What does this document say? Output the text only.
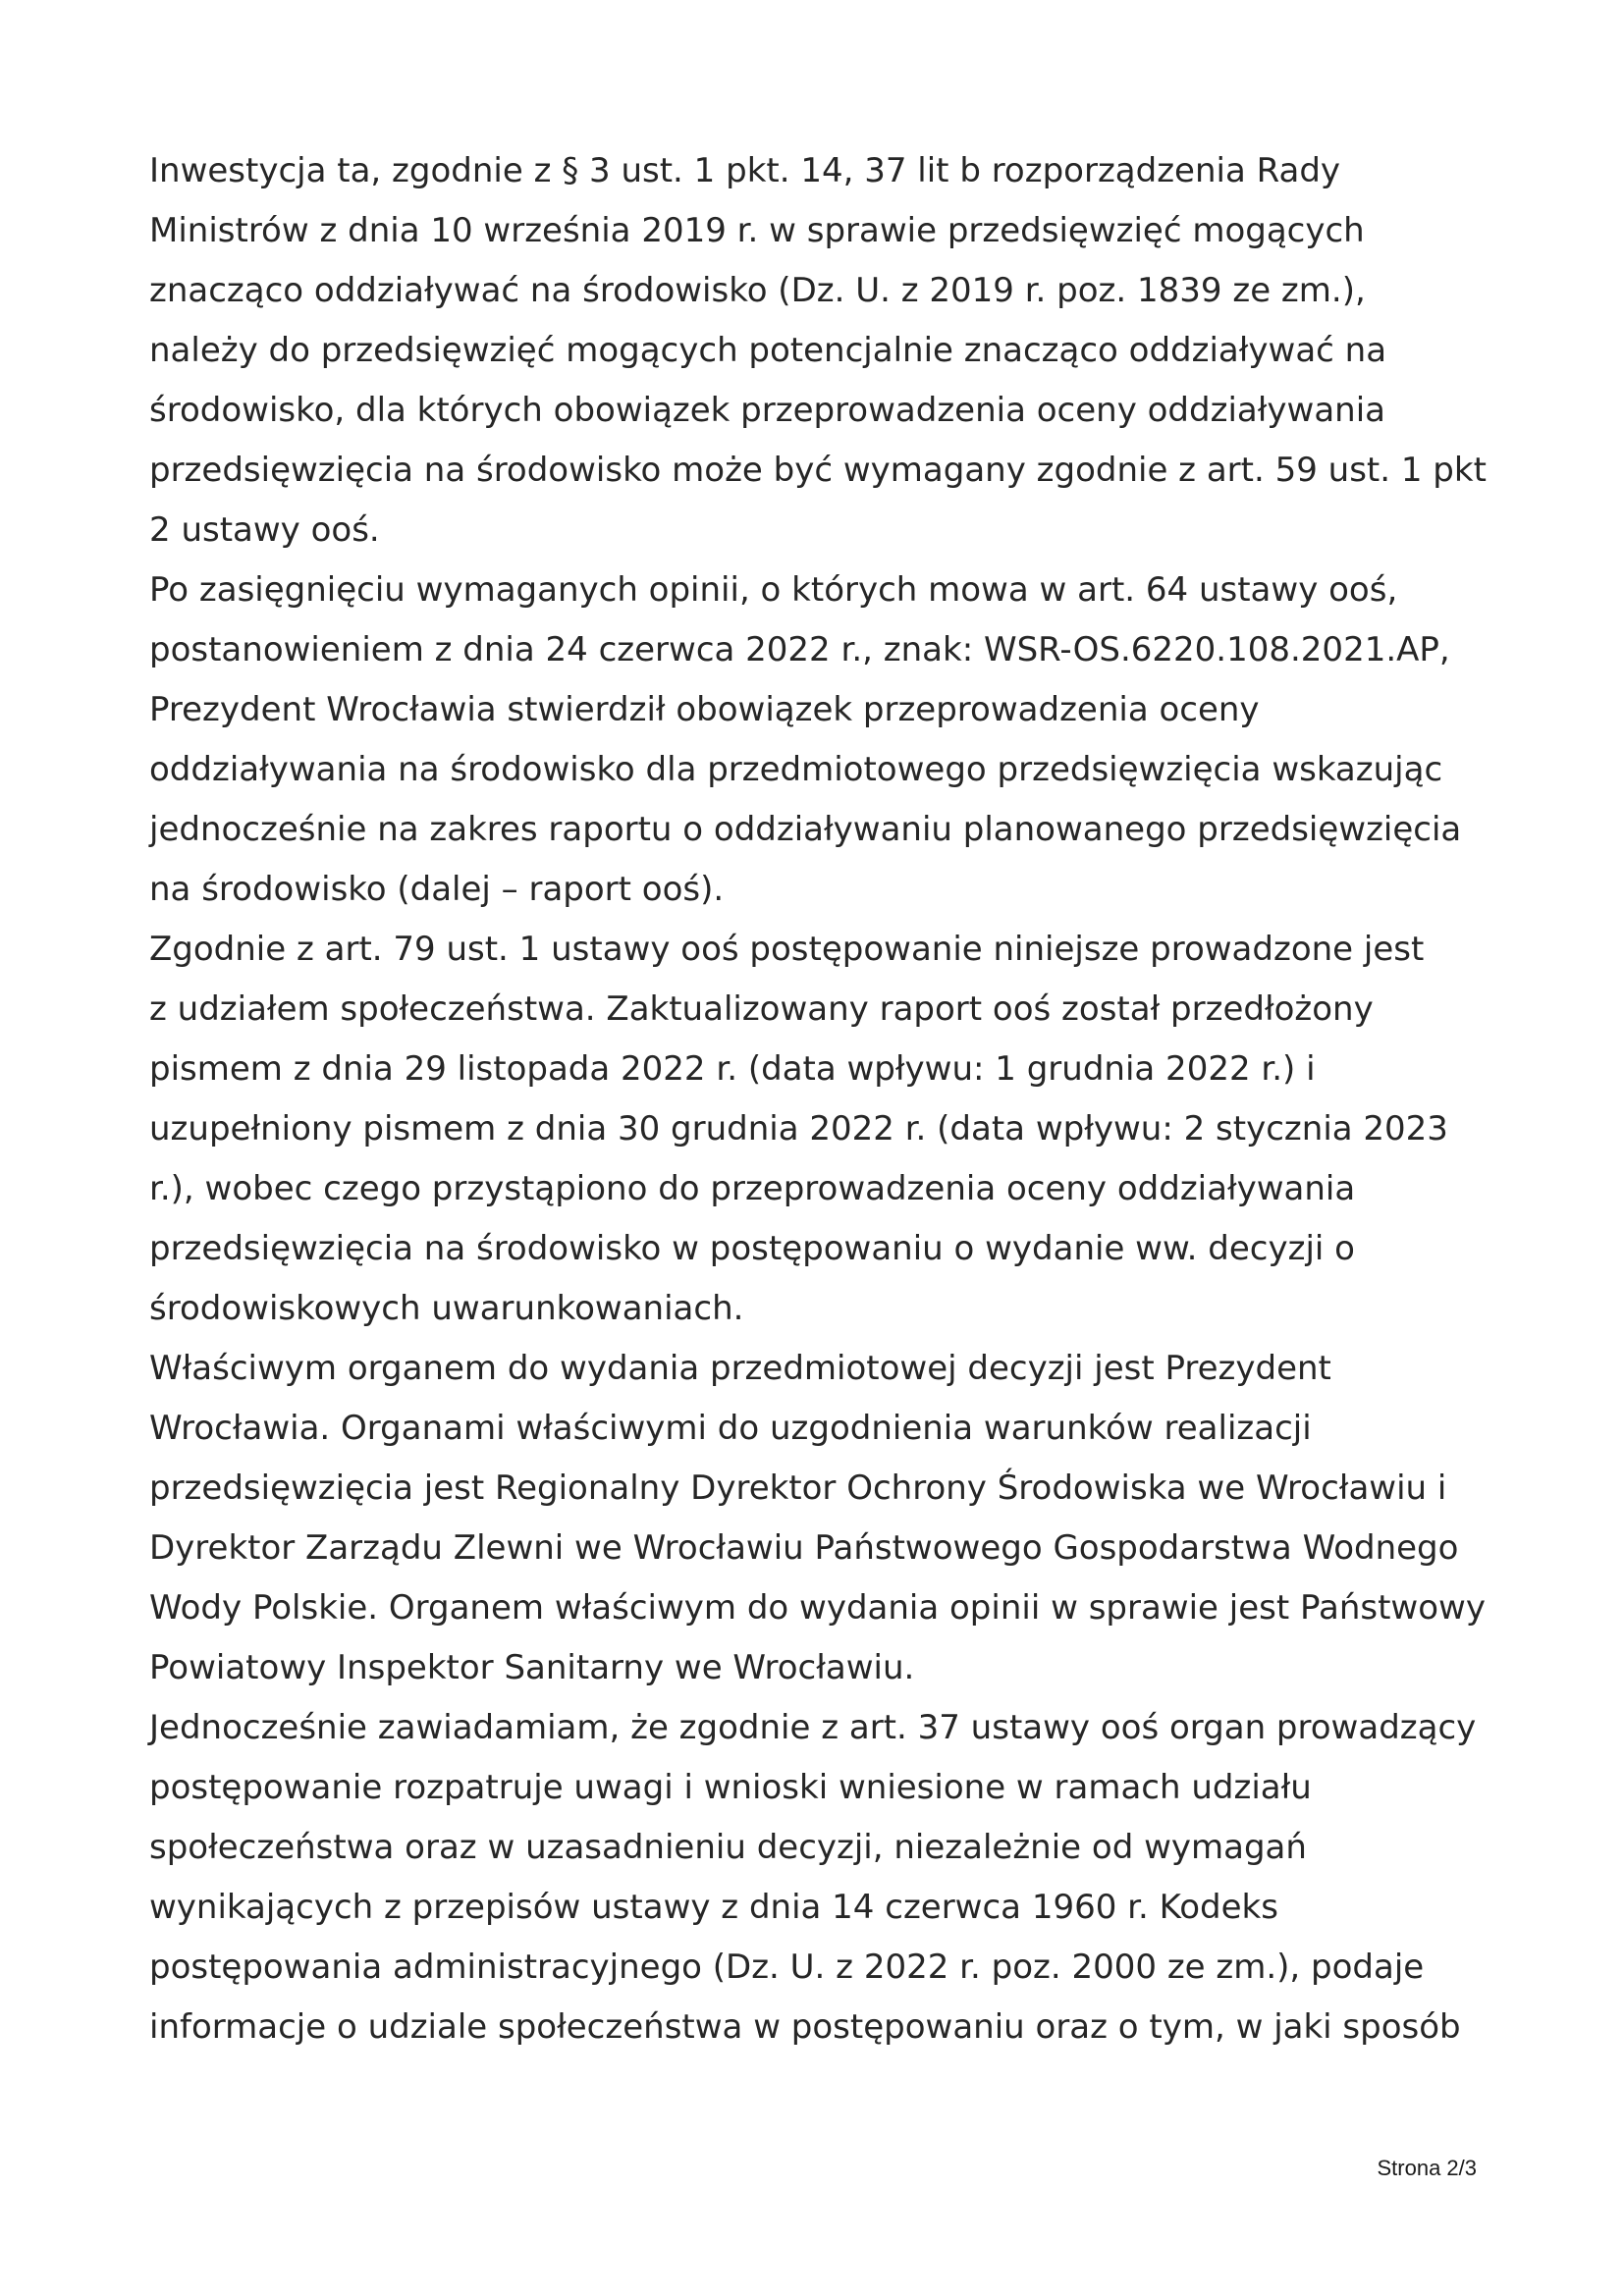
Inwestycja ta, zgodnie z § 3 ust. 1 pkt. 14, 37 lit b rozporządzenia Rady
Ministrów z dnia 10 września 2019 r. w sprawie przedsięwzięć mogących
znacząco oddziaływać na środowisko (Dz. U. z 2019 r. poz. 1839 ze zm.),
należy do przedsięwzięć mogących potencjalnie znacząco oddziaływać na
środowisko, dla których obowiązek przeprowadzenia oceny oddziaływania
przedsięwzięcia na środowisko może być wymagany zgodnie z art. 59 ust. 1 pkt
2 ustawy ooś.
Po zasięgnięciu wymaganych opinii, o których mowa w art. 64 ustawy ooś,
postanowieniem z dnia 24 czerwca 2022 r., znak: WSR-OS.6220.108.2021.AP,
Prezydent Wrocławia stwierdził obowiązek przeprowadzenia oceny
oddziaływania na środowisko dla przedmiotowego przedsięwzięcia wskazując
jednocześnie na zakres raportu o oddziaływaniu planowanego przedsięwzięcia
na środowisko (dalej – raport ooś).
Zgodnie z art. 79 ust. 1 ustawy ooś postępowanie niniejsze prowadzone jest
z udziałem społeczeństwa. Zaktualizowany raport ooś został przedłożony
pismem z dnia 29 listopada 2022 r. (data wpływu: 1 grudnia 2022 r.) i
uzupełniony pismem z dnia 30 grudnia 2022 r. (data wpływu: 2 stycznia 2023
r.), wobec czego przystąpiono do przeprowadzenia oceny oddziaływania
przedsięwzięcia na środowisko w postępowaniu o wydanie ww. decyzji o
środowiskowych uwarunkowaniach.
Właściwym organem do wydania przedmiotowej decyzji jest Prezydent
Wrocławia. Organami właściwymi do uzgodnienia warunków realizacji
przedsięwzięcia jest Regionalny Dyrektor Ochrony Środowiska we Wrocławiu i
Dyrektor Zarządu Zlewni we Wrocławiu Państwowego Gospodarstwa Wodnego
Wody Polskie. Organem właściwym do wydania opinii w sprawie jest Państwowy
Powiatowy Inspektor Sanitarny we Wrocławiu.
Jednocześnie zawiadamiam, że zgodnie z art. 37 ustawy ooś organ prowadzący
postępowanie rozpatruje uwagi i wnioski wniesione w ramach udziału
społeczeństwa oraz w uzasadnieniu decyzji, niezależnie od wymagań
wynikających z przepisów ustawy z dnia 14 czerwca 1960 r. Kodeks
postępowania administracyjnego (Dz. U. z 2022 r. poz. 2000 ze zm.), podaje
informacje o udziale społeczeństwa w postępowaniu oraz o tym, w jaki sposób
Strona 2/3
